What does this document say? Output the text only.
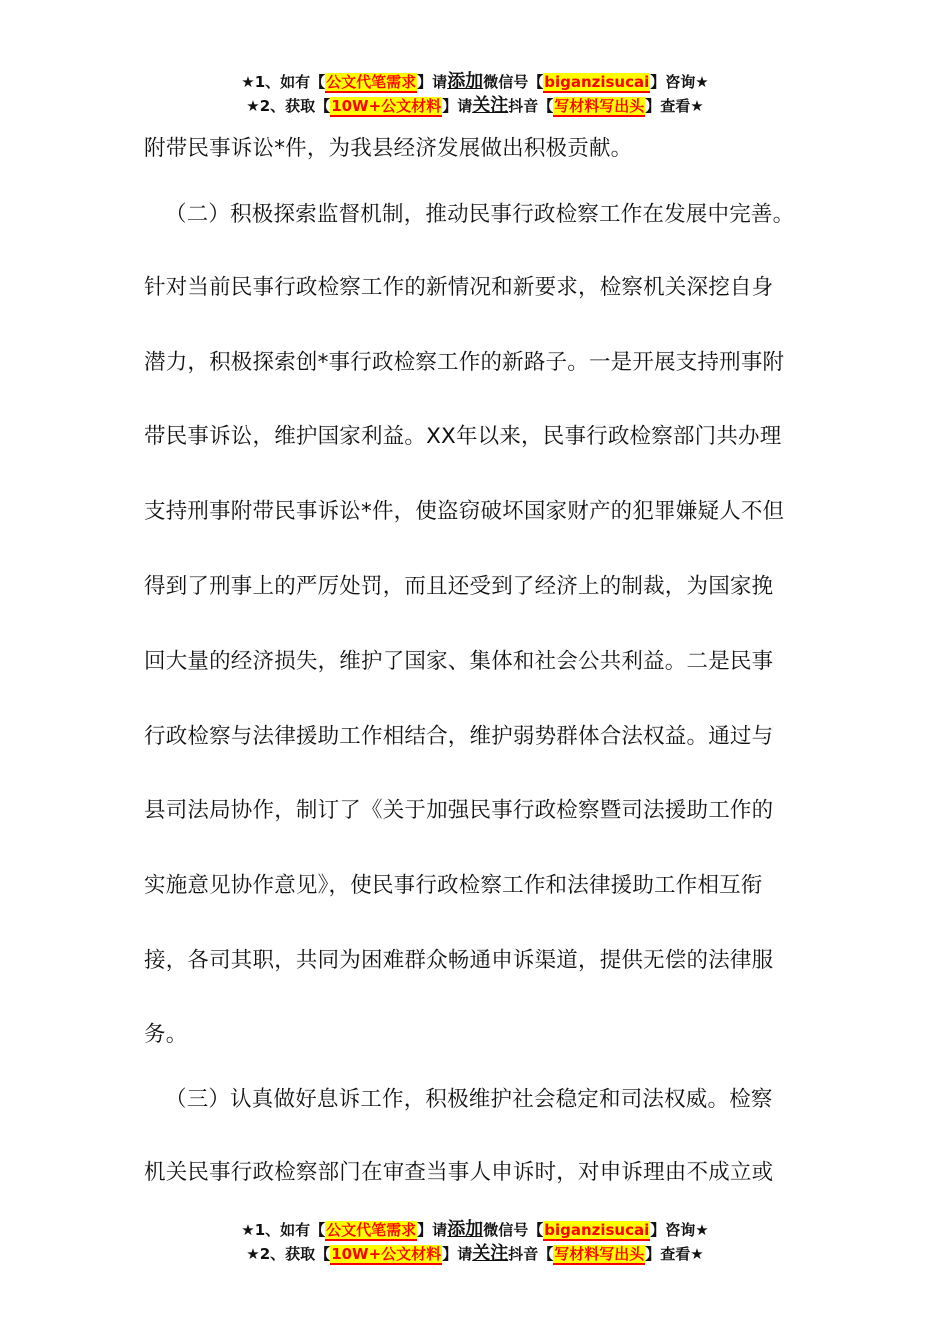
★1、如有【公文代笔需求】请添加微信号【biganzisucai】咨询★
★2、获取【10W+公文材料】请关注抖音【写材料写出头】查看★
附带民事诉讼*件，为我县经济发展做出积极贡献。
（二）积极探索监督机制，推动民事行政检察工作在发展中完善。
针对当前民事行政检察工作的新情况和新要求，检察机关深挖自身
潜力，积极探索创*事行政检察工作的新路子。一是开展支持刑事附
带民事诉讼，维护国家利益。XX年以来，民事行政检察部门共办理
支持刑事附带民事诉讼*件，使盗窃破坏国家财产的犯罪嫌疑人不但
得到了刑事上的严厉处罚，而且还受到了经济上的制裁，为国家挽
回大量的经济损失，维护了国家、集体和社会公共利益。二是民事
行政检察与法律援助工作相结合，维护弱势群体合法权益。通过与
县司法局协作，制订了《关于加强民事行政检察暨司法援助工作的
实施意见协作意见》，使民事行政检察工作和法律援助工作相互衔
接，各司其职，共同为困难群众畅通申诉渠道，提供无偿的法律服
务。
（三）认真做好息诉工作，积极维护社会稳定和司法权威。检察
机关民事行政检察部门在审查当事人申诉时，对申诉理由不成立或
★1、如有【公文代笔需求】请添加微信号【biganzisucai】咨询★
★2、获取【10W+公文材料】请关注抖音【写材料写出头】查看★
